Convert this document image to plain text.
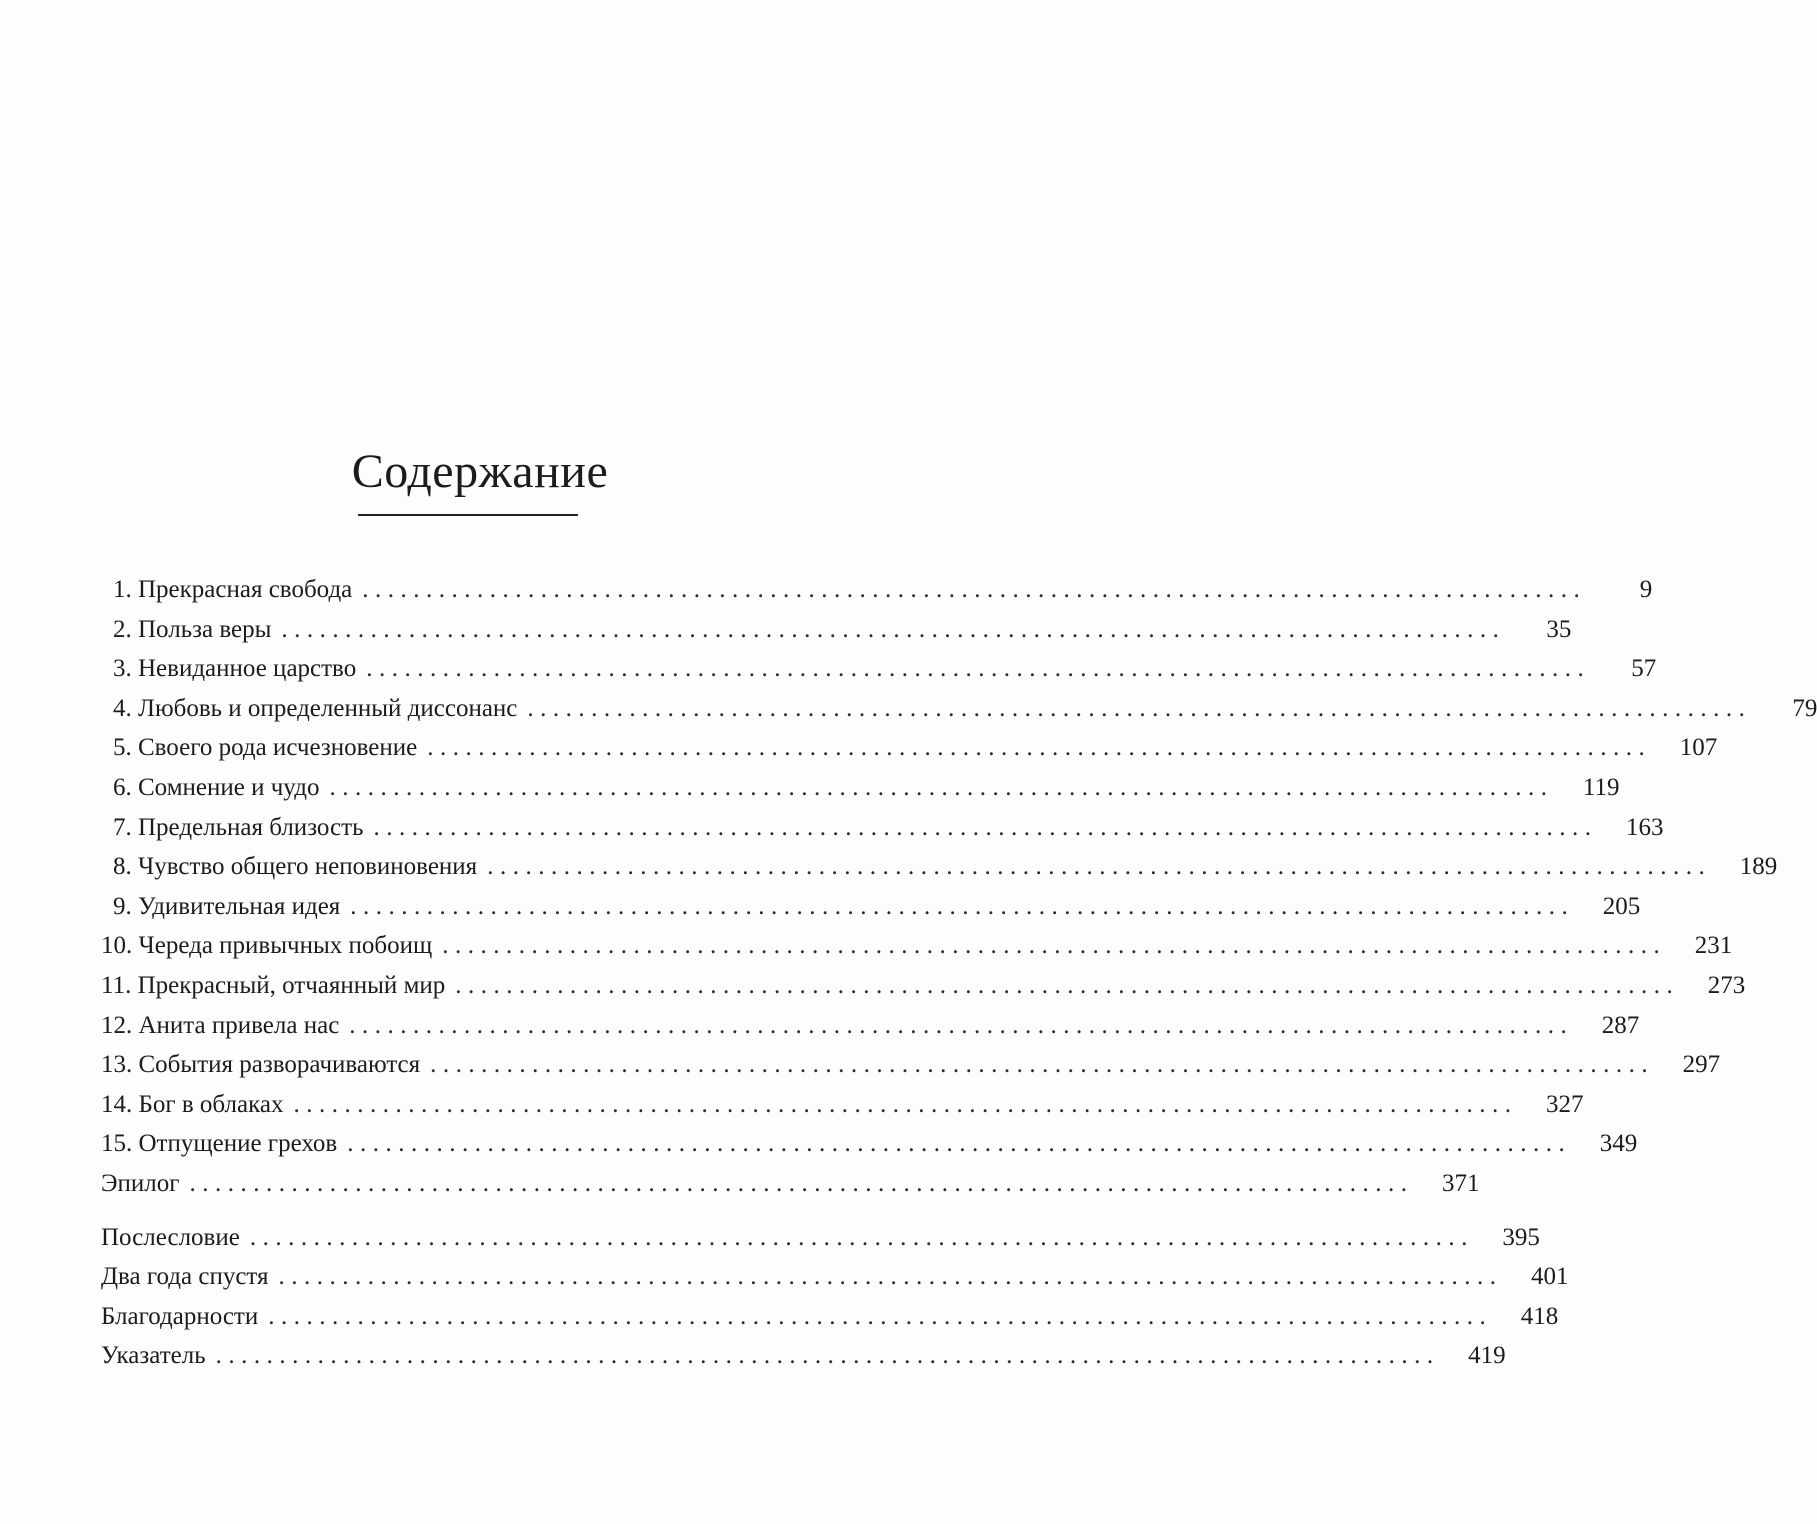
Содержание
1. Прекрасная свобода ................................................................................................	9
2. Польза веры ................................................................................................	35
3. Невиданное царство ................................................................................................	57
4. Любовь и определенный диссонанс ................................................................................................	79
5. Своего рода исчезновение ................................................................................................	107
6. Сомнение и чудо ................................................................................................	119
7. Предельная близость ................................................................................................	163
8. Чувство общего неповиновения ................................................................................................	189
9. Удивительная идея ................................................................................................	205
10. Череда привычных побоищ ................................................................................................	231
11. Прекрасный, отчаянный мир ................................................................................................	273
12. Анита привела нас ................................................................................................	287
13. События разворачиваются ................................................................................................	297
14. Бог в облаках ................................................................................................	327
15. Отпущение грехов ................................................................................................	349
Эпилог ................................................................................................	371
Послесловие ................................................................................................	395
Два года спустя ................................................................................................	401
Благодарности ................................................................................................	418
Указатель ................................................................................................	419
